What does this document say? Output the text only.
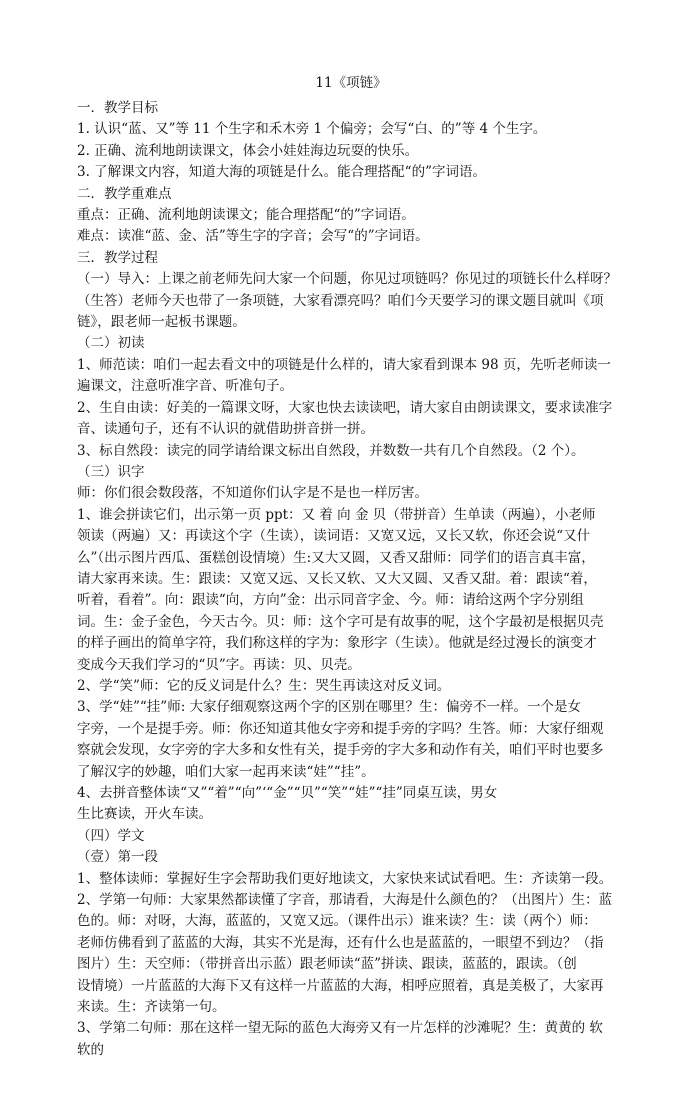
11《项链》
一．教学目标
1. 认识“蓝、又”等 11 个生字和禾木旁 1 个偏旁；会写“白、的”等 4 个生字。
2. 正确、流利地朗读课文，体会小娃娃海边玩耍的快乐。
3. 了解课文内容，知道大海的项链是什么。能合理搭配“的”字词语。
二．教学重难点
重点：正确、流利地朗读课文；能合理搭配“的”字词语。
难点：读准“蓝、金、活”等生字的字音；会写“的”字词语。
三．教学过程
（一）导入：上课之前老师先问大家一个问题，你见过项链吗？你见过的项链长什么样呀？
（生答）老师今天也带了一条项链，大家看漂亮吗？咱们今天要学习的课文题目就叫《项
链》，跟老师一起板书课题。
（二）初读
1、师范读：咱们一起去看文中的项链是什么样的，请大家看到课本 98 页，先听老师读一
遍课文，注意听准字音、听准句子。
2、生自由读：好美的一篇课文呀，大家也快去读读吧，请大家自由朗读课文，要求读准字
音、读通句子，还有不认识的就借助拼音拼一拼。
3、标自然段：读完的同学请给课文标出自然段，并数数一共有几个自然段。（2 个）。
（三）识字
师：你们很会数段落，不知道你们认字是不是也一样厉害。
1、谁会拼读它们，出示第一页 ppt：又 着 向 金 贝（带拼音）生单读（两遍），小老师
领读（两遍）又：再读这个字（生读），读词语：又宽又远，又长又软，你还会说“又什
么”（出示图片西瓜、蛋糕创设情境）生:又大又圆，又香又甜师：同学们的语言真丰富，
请大家再来读。生：跟读：又宽又远、又长又软、又大又圆、又香又甜。着：跟读“着，
听着，看着”。向：跟读“向，方向”金：出示同音字金、今。师：请给这两个字分别组
词。生：金子金色，今天古今。贝：师：这个字可是有故事的呢，这个字最初是根据贝壳
的样子画出的简单字符，我们称这样的字为：象形字（生读）。他就是经过漫长的演变才
变成今天我们学习的“贝”字。再读：贝、贝壳。
2、学“笑”师：它的反义词是什么？生：哭生再读这对反义词。
3、学“娃”“挂”师: 大家仔细观察这两个字的区别在哪里？生：偏旁不一样。一个是女
字旁，一个是提手旁。师：你还知道其他女字旁和提手旁的字吗？生答。师：大家仔细观
察就会发现，女字旁的字大多和女性有关，提手旁的字大多和动作有关，咱们平时也要多
了解汉字的妙趣，咱们大家一起再来读“娃”“挂”。
4、去拼音整体读“又”“着”“向”‘“金”“贝”“笑”“娃”“挂”同桌互读，男女
生比赛读，开火车读。
（四）学文
（壹）第一段
1、整体读师：掌握好生字会帮助我们更好地读文，大家快来试试看吧。生：齐读第一段。
2、学第一句师：大家果然都读懂了字音，那请看，大海是什么颜色的？（出图片）生：蓝
色的。师：对呀，大海，蓝蓝的，又宽又远。（课件出示）谁来读？生：读（两个）师：
老师仿佛看到了蓝蓝的大海，其实不光是海，还有什么也是蓝蓝的，一眼望不到边？（指
图片）生：天空师：（带拼音出示蓝）跟老师读“蓝”拼读、跟读，蓝蓝的，跟读。（创
设情境）一片蓝蓝的大海下又有这样一片蓝蓝的大海，相呼应照着，真是美极了，大家再
来读。生：齐读第一句。
3、学第二句师：那在这样一望无际的蓝色大海旁又有一片怎样的沙滩呢？生：黄黄的 软
软的
